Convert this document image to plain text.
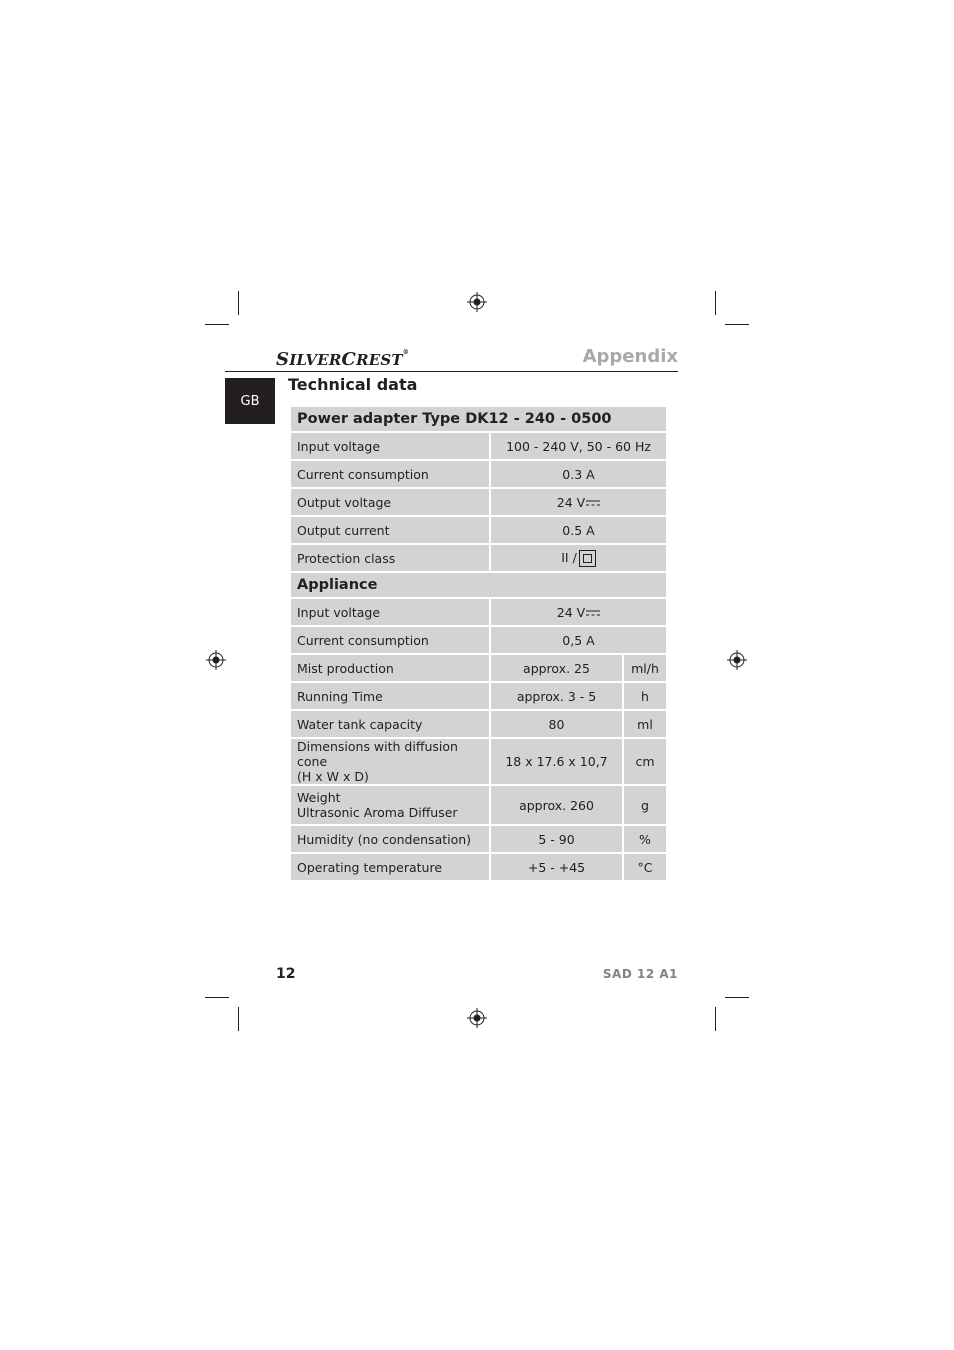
SILVERCREST®	Appendix
GB
Technical data
Power adapter Type DK12 - 240 - 0500		
Input voltage	100 - 240 V, 50 - 60 Hz	
Current consumption	0.3 A	
Output voltage	24 V	
Output current	0.5 A	
Protection class	II /	
Appliance		
Input voltage	24 V	
Current consumption	0,5 A	
Mist production	approx. 25	ml/h
Running Time	approx. 3 - 5	h
Water tank capacity	80	ml

Dimensions with diffusion cone
(H x W x D)	18 x 17.6 x 10,7	cm

Weight
Ultrasonic Aroma Diffuser	approx. 260	g
Humidity (no condensation)	5 - 90	%
Operating temperature	+5 - +45	°C
12	SAD 12 A1
